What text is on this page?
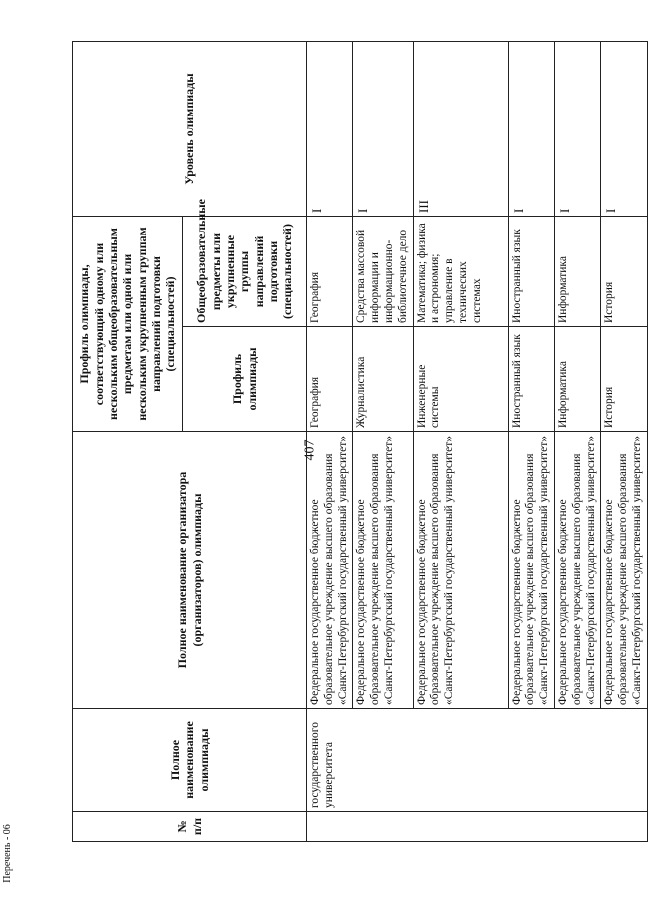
407
№ п/п	Полное наименование олимпиады	Полное наименование организатора (организаторов) олимпиады	Профиль олимпиады, соответствующий одному или нескольким общеобразовательным предметам или одной или нескольким укрупненным группам направлений подготовки (специальностей)		Уровень олимпиады
			Профиль олимпиады	Общеобразовательные предметы или укрупненные группы направлений подготовки (специальностей)	
	государственного университета	Федеральное государственное бюджетное образовательное учреждение высшего образования «Санкт-Петербургский государственный университет»	География	География	I
		Федеральное государственное бюджетное образовательное учреждение высшего образования «Санкт-Петербургский государственный университет»	Журналистика	Средства массовой информации и информационно-библиотечное дело	I
		Федеральное государственное бюджетное образовательное учреждение высшего образования «Санкт-Петербургский государственный университет»	Инженерные системы	Математика; физика и астрономия; управление в технических системах	III
		Федеральное государственное бюджетное образовательное учреждение высшего образования «Санкт-Петербургский государственный университет»	Иностранный язык	Иностранный язык	I
		Федеральное государственное бюджетное образовательное учреждение высшего образования «Санкт-Петербургский государственный университет»	Информатика	Информатика	I
		Федеральное государственное бюджетное образовательное учреждение высшего образования «Санкт-Петербургский государственный университет»	История	История	I
Перечень - 06
